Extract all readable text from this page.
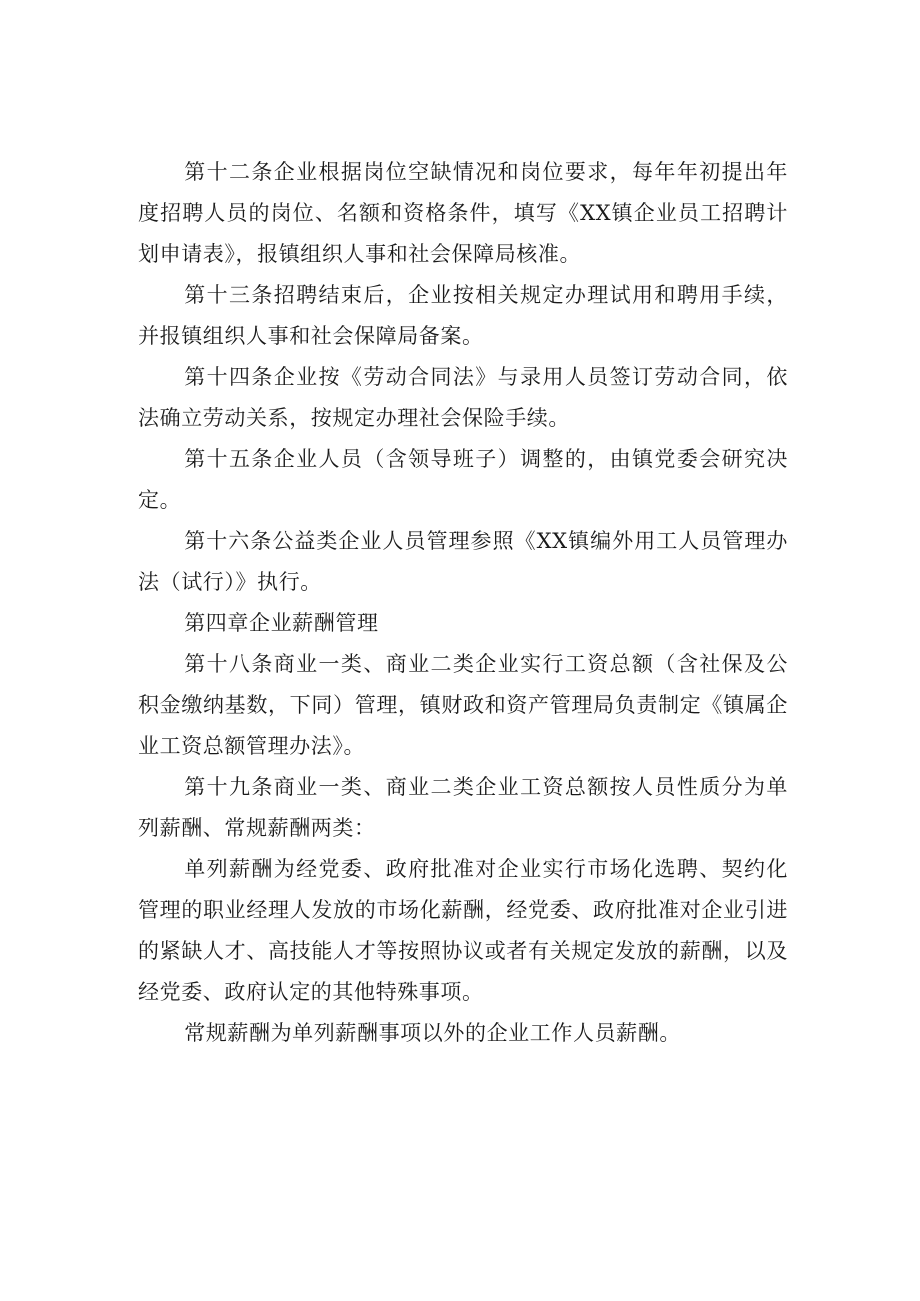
第十二条企业根据岗位空缺情况和岗位要求，每年年初提出年度招聘人员的岗位、名额和资格条件，填写《XX镇企业员工招聘计划申请表》，报镇组织人事和社会保障局核准。

第十三条招聘结束后，企业按相关规定办理试用和聘用手续，并报镇组织人事和社会保障局备案。

第十四条企业按《劳动合同法》与录用人员签订劳动合同，依法确立劳动关系，按规定办理社会保险手续。

第十五条企业人员（含领导班子）调整的，由镇党委会研究决定。

第十六条公益类企业人员管理参照《XX镇编外用工人员管理办法（试行）》执行。

第四章企业薪酬管理

第十八条商业一类、商业二类企业实行工资总额（含社保及公积金缴纳基数，下同）管理，镇财政和资产管理局负责制定《镇属企业工资总额管理办法》。

第十九条商业一类、商业二类企业工资总额按人员性质分为单列薪酬、常规薪酬两类：

单列薪酬为经党委、政府批准对企业实行市场化选聘、契约化管理的职业经理人发放的市场化薪酬，经党委、政府批准对企业引进的紧缺人才、高技能人才等按照协议或者有关规定发放的薪酬，以及经党委、政府认定的其他特殊事项。

常规薪酬为单列薪酬事项以外的企业工作人员薪酬。
